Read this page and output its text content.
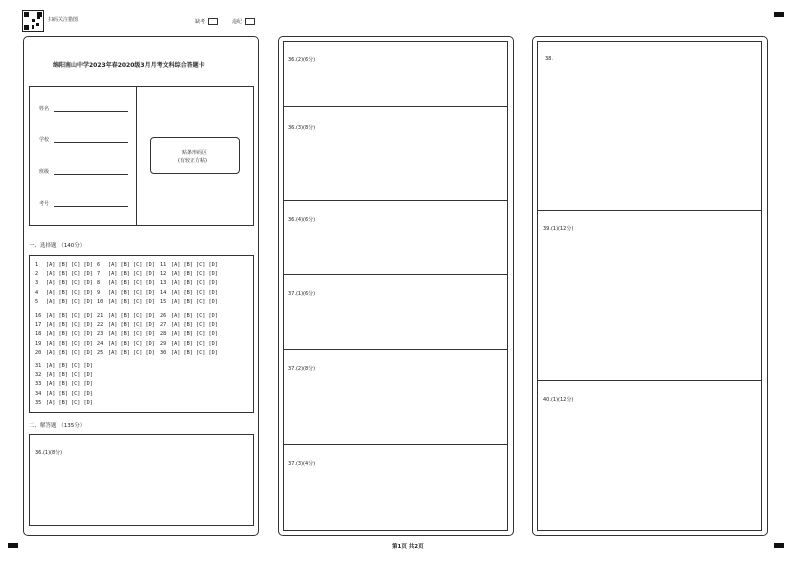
扫码关注猎图	缺考	违纪
绵阳南山中学2023年春2020级3月月考文科综合答题卡
姓名
学校
班级
考号
贴条形码区
(有较正方粘)
一、选择题 （140分）
1 [A] [B] [C] [D] 6 [A] [B] [C] [D] 11 [A] [B] [C] [D]
2 [A] [B] [C] [D] 7 [A] [B] [C] [D] 12 [A] [B] [C] [D]
3 [A] [B] [C] [D] 8 [A] [B] [C] [D] 13 [A] [B] [C] [D]
4 [A] [B] [C] [D] 9 [A] [B] [C] [D] 14 [A] [B] [C] [D]
5 [A] [B] [C] [D] 10 [A] [B] [C] [D] 15 [A] [B] [C] [D]
16 [A] [B] [C] [D] 21 [A] [B] [C] [D] 26 [A] [B] [C] [D]
17 [A] [B] [C] [D] 22 [A] [B] [C] [D] 27 [A] [B] [C] [D]
18 [A] [B] [C] [D] 23 [A] [B] [C] [D] 28 [A] [B] [C] [D]
19 [A] [B] [C] [D] 24 [A] [B] [C] [D] 29 [A] [B] [C] [D]
20 [A] [B] [C] [D] 25 [A] [B] [C] [D] 30 [A] [B] [C] [D]
31 [A] [B] [C] [D]
32 [A] [B] [C] [D]
33 [A] [B] [C] [D]
34 [A] [B] [C] [D]
35 [A] [B] [C] [D]
二、解答题 （135分）
36.(1)(8分)
36.(2)(6分)
36.(3)(8分)
36.(4)(6分)
37.(1)(6分)
37.(2)(8分)
37.(3)(4分)
38.
39.(1)(12分)
40.(1)(12分)
第1页 共2页
